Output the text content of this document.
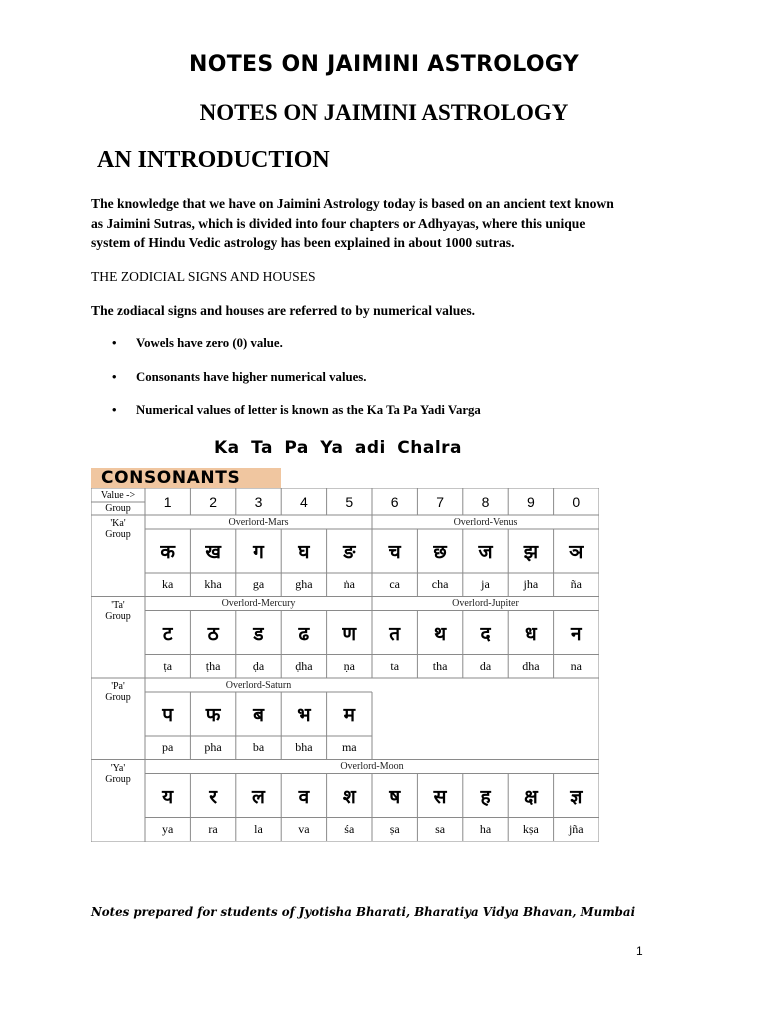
NOTES ON JAIMINI ASTROLOGY
NOTES ON JAIMINI ASTROLOGY
AN INTRODUCTION
The knowledge that we have on Jaimini Astrology today is based on an ancient text known
as Jaimini Sutras, which is divided into four chapters or Adhyayas, where this unique
system of Hindu Vedic astrology has been explained in about 1000 sutras.
THE ZODICIAL SIGNS AND HOUSES
The zodiacal signs and houses are referred to by numerical values.
• Vowels have zero (0) value.
• Consonants have higher numerical values.
• Numerical values of letter is known as the Ka Ta Pa Yadi Varga
Ka Ta Pa Ya adi Chalra
CONSONANTS
Value ->
Group	1	2	3	4	5	6	7	8	9	0
'Ka'
Group
Overlord-Mars	Overlord-Venus
क	ख	ग	घ	ङ	च	छ	ज	झ	ञ
ka	kha	ga	gha	ṅa	ca	cha	ja	jha	ña
'Ta'
Group
Overlord-Mercury	Overlord-Jupiter
ट	ठ	ड	ढ	ण	त	थ	द	ध	न
ṭa	ṭha	ḍa	ḍha	ṇa	ta	tha	da	dha	na
'Pa'
Group
Overlord-Saturn
प	फ	ब	भ	म
pa	pha	ba	bha	ma
'Ya'
Group
Overlord-Moon
य	र	ल	व	श	ष	स	ह	क्ष	ज्ञ
ya	ra	la	va	śa	ṣa	sa	ha	kṣa	jña
Notes prepared for students of Jyotisha Bharati, Bharatiya Vidya Bhavan, Mumbai
1
